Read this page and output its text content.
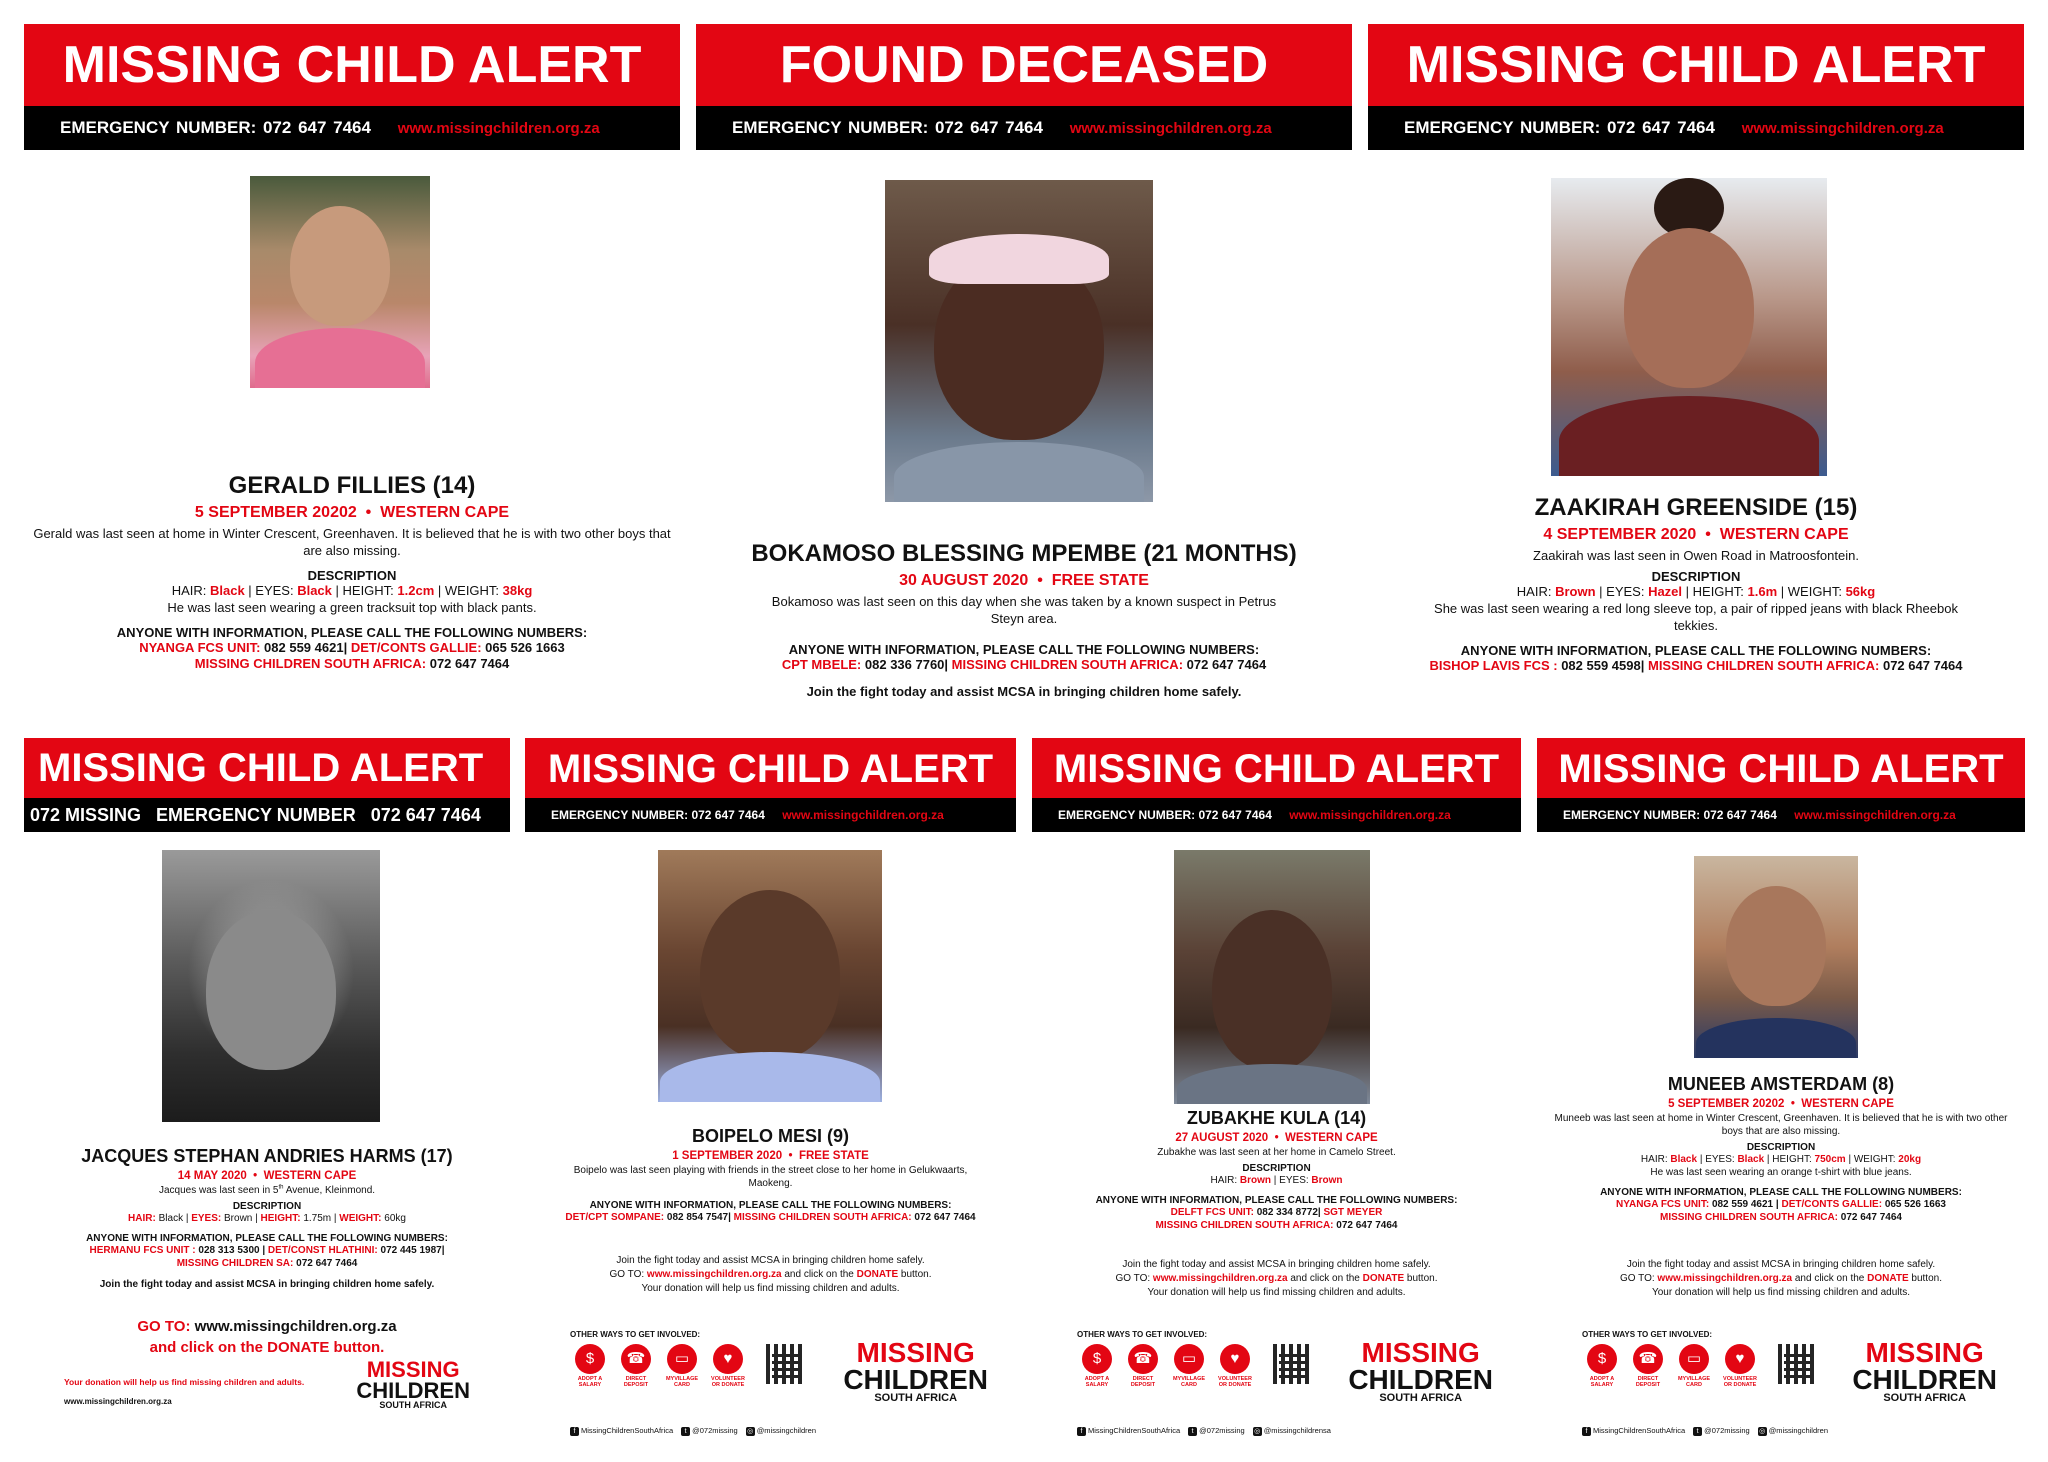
MISSING CHILD ALERT
EMERGENCY NUMBER: 072 647 7464 www.missingchildren.org.za
GERALD FILLIES (14)
5 SEPTEMBER 20202  •  WESTERN CAPE
Gerald was last seen at home in Winter Crescent, Greenhaven. It is believed that he is with two other boys that are also missing.
DESCRIPTION
HAIR: Black | EYES: Black | HEIGHT: 1.2cm | WEIGHT: 38kg
He was last seen wearing a green tracksuit top with black pants.
ANYONE WITH INFORMATION, PLEASE CALL THE FOLLOWING NUMBERS:
NYANGA FCS UNIT: 082 559 4621| DET/CONTS GALLIE: 065 526 1663
MISSING CHILDREN SOUTH AFRICA: 072 647 7464
FOUND DECEASED
EMERGENCY NUMBER: 072 647 7464 www.missingchildren.org.za
BOKAMOSO BLESSING MPEMBE (21 MONTHS)
30 AUGUST 2020  •  FREE STATE
Bokamoso was last seen on this day when she was taken by a known suspect in Petrus Steyn area.
ANYONE WITH INFORMATION, PLEASE CALL THE FOLLOWING NUMBERS:
CPT MBELE: 082 336 7760| MISSING CHILDREN SOUTH AFRICA: 072 647 7464
Join the fight today and assist MCSA in bringing children home safely.
MISSING CHILD ALERT
EMERGENCY NUMBER: 072 647 7464 www.missingchildren.org.za
ZAAKIRAH GREENSIDE (15)
4 SEPTEMBER 2020  •  WESTERN CAPE
Zaakirah was last seen in Owen Road in Matroosfontein.
DESCRIPTION
HAIR: Brown | EYES: Hazel | HEIGHT: 1.6m | WEIGHT: 56kg
She was last seen wearing a red long sleeve top, a pair of ripped jeans with black Rheebok tekkies.
ANYONE WITH INFORMATION, PLEASE CALL THE FOLLOWING NUMBERS:
BISHOP LAVIS FCS : 082 559 4598| MISSING CHILDREN SOUTH AFRICA: 072 647 7464
MISSING CHILD ALERT
072 MISSING   EMERGENCY NUMBER   072 647 7464
JACQUES STEPHAN ANDRIES HARMS (17)
14 MAY 2020  •  WESTERN CAPE
Jacques was last seen in 5th Avenue, Kleinmond.
DESCRIPTION
HAIR: Black | EYES: Brown | HEIGHT: 1.75m | WEIGHT: 60kg
ANYONE WITH INFORMATION, PLEASE CALL THE FOLLOWING NUMBERS:
HERMANU FCS UNIT : 028 313 5300 | DET/CONST HLATHINI: 072 445 1987|
MISSING CHILDREN SA: 072 647 7464
Join the fight today and assist MCSA in bringing children home safely.
GO TO: www.missingchildren.org.za
and click on the DONATE button.
Your donation will help us find missing children and adults.
www.missingchildren.org.za
MISSING
CHILDREN
SOUTH AFRICA
MISSING CHILD ALERT
EMERGENCY NUMBER: 072 647 7464 www.missingchildren.org.za
BOIPELO MESI (9)
1 SEPTEMBER 2020  •  FREE STATE
Boipelo was last seen playing with friends in the street close to her home in Gelukwaarts, Maokeng.
ANYONE WITH INFORMATION, PLEASE CALL THE FOLLOWING NUMBERS:
DET/CPT SOMPANE: 082 854 7547| MISSING CHILDREN SOUTH AFRICA: 072 647 7464
Join the fight today and assist MCSA in bringing children home safely.
GO TO: www.missingchildren.org.za and click on the DONATE button.
Your donation will help us find missing children and adults.
OTHER WAYS TO GET INVOLVED:
$
ADOPT A SALARY
☎
DIRECT DEPOSIT
▭
MYVILLAGE CARD
♥
VOLUNTEER OR DONATE
MISSING
CHILDREN
SOUTH AFRICA
f MissingChildrenSouthAfrica	t @072missing ◎ @missingchildren
MISSING CHILD ALERT
EMERGENCY NUMBER: 072 647 7464 www.missingchildren.org.za
ZUBAKHE KULA (14)
27 AUGUST 2020  •  WESTERN CAPE
Zubakhe was last seen at her home in Camelo Street.
DESCRIPTION
HAIR: Brown | EYES: Brown
ANYONE WITH INFORMATION, PLEASE CALL THE FOLLOWING NUMBERS:
DELFT FCS UNIT: 082 334 8772| SGT MEYER
MISSING CHILDREN SOUTH AFRICA: 072 647 7464
Join the fight today and assist MCSA in bringing children home safely.
GO TO: www.missingchildren.org.za and click on the DONATE button.
Your donation will help us find missing children and adults.
OTHER WAYS TO GET INVOLVED:
$
ADOPT A SALARY
☎
DIRECT DEPOSIT
▭
MYVILLAGE CARD
♥
VOLUNTEER OR DONATE
MISSING
CHILDREN
SOUTH AFRICA
f MissingChildrenSouthAfrica	t @072missing ◎ @missingchildrensa
MISSING CHILD ALERT
EMERGENCY NUMBER: 072 647 7464 www.missingchildren.org.za
MUNEEB AMSTERDAM (8)
5 SEPTEMBER 20202  •  WESTERN CAPE
Muneeb was last seen at home in Winter Crescent, Greenhaven. It is believed that he is with two other boys that are also missing.
DESCRIPTION
HAIR: Black | EYES: Black | HEIGHT: 750cm | WEIGHT: 20kg
He was last seen wearing an orange t-shirt with blue jeans.
ANYONE WITH INFORMATION, PLEASE CALL THE FOLLOWING NUMBERS:
NYANGA FCS UNIT: 082 559 4621 | DET/CONTS GALLIE: 065 526 1663
MISSING CHILDREN SOUTH AFRICA: 072 647 7464
Join the fight today and assist MCSA in bringing children home safely.
GO TO: www.missingchildren.org.za and click on the DONATE button.
Your donation will help us find missing children and adults.
OTHER WAYS TO GET INVOLVED:
$
ADOPT A SALARY
☎
DIRECT DEPOSIT
▭
MYVILLAGE CARD
♥
VOLUNTEER OR DONATE
MISSING
CHILDREN
SOUTH AFRICA
f MissingChildrenSouthAfrica	t @072missing ◎ @missingchildren
